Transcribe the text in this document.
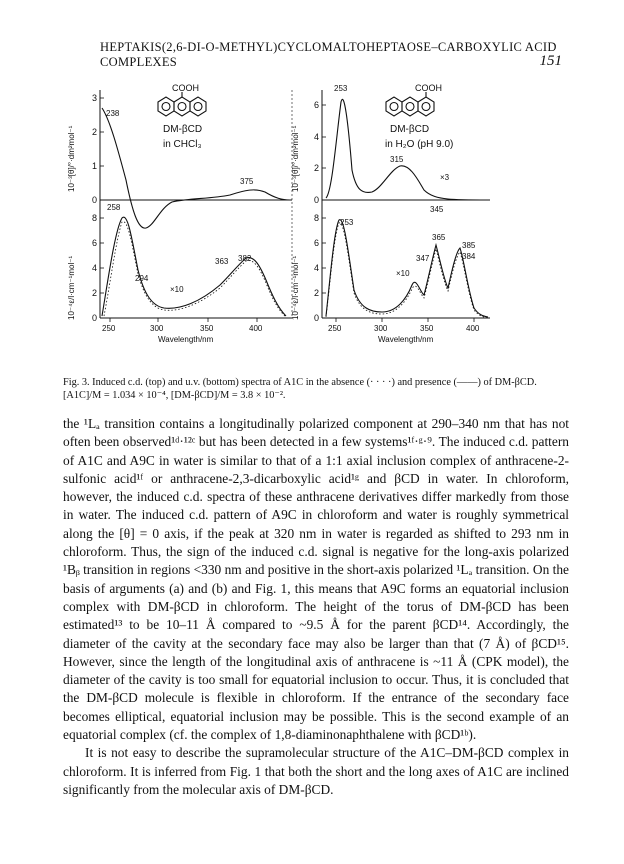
HEPTAKIS(2,6-DI-O-METHYL)CYCLOMALTOHEPTAOSE–CARBOXYLIC ACID COMPLEXES	151
3
2
1
0
10⁻³[θ]/°·dm²mol⁻¹
COOH
DM-βCD
in CHCl₃
238
375
8
6
4
2
0
10⁻⁴ε/l·cm⁻¹mol⁻¹
258
294
363 382
×10
250	300	350	400
Wavelength/nm
6
4
2
0
10⁻³[θ]/°·dm²mol⁻¹
COOH
DM-βCD
in H₂O (pH 9.0)
253
315
×3
345
8
6
4
2
0
10⁻⁴ε/l·cm⁻¹mol⁻¹
253
365
385
347	384
×10
250	300	350	400
Wavelength/nm
Fig. 3. Induced c.d. (top) and u.v. (bottom) spectra of A1C in the absence (· · · ·) and presence (——) of DM-βCD. [A1C]/M = 1.034 × 10⁻⁴, [DM-βCD]/M = 3.8 × 10⁻².

the ¹Lₐ transition contains a longitudinally polarized component at 290–340 nm that has not often been observed¹ᵈ·¹²ᶜ but has been detected in a few systems¹ᶠ·ᵍ·⁹. The induced c.d. pattern of A1C and A9C in water is similar to that of a 1:1 axial inclusion complex of anthracene-2-sulfonic acid¹ᶠ or anthracene-2,3-dicarboxylic acid¹ᵍ and βCD in water. In chloroform, however, the induced c.d. spectra of these anthracene derivatives differ markedly from those in water. The induced c.d. pattern of A9C in chloroform and water is roughly symmetrical along the [θ] = 0 axis, if the peak at 320 nm in water is regarded as shifted to 293 nm in chloroform. Thus, the sign of the induced c.d. signal is negative for the long-axis polarized ¹Bᵦ transition in regions <330 nm and positive in the short-axis polarized ¹Lₐ transition. On the basis of arguments (a) and (b) and Fig. 1, this means that A9C forms an equatorial inclusion complex with DM-βCD in chloroform. The height of the torus of DM-βCD has been estimated¹³ to be 10–11 Å compared to ~9.5 Å for the parent βCD¹⁴. Accordingly, the diameter of the cavity at the secondary face may also be larger than that (7 Å) of βCD¹⁵. However, since the length of the longitudinal axis of anthracene is ~11 Å (CPK model), the diameter of the cavity is too small for equatorial inclusion to occur. Thus, it is concluded that the DM-βCD molecule is flexible in chloroform. If the entrance of the secondary face becomes elliptical, equatorial inclusion may be possible. This is the second example of an equatorial complex (cf. the complex of 1,8-diaminonaphthalene with βCD¹ᵇ).

It is not easy to describe the supramolecular structure of the A1C–DM-βCD complex in chloroform. It is inferred from Fig. 1 that both the short and the long axes of A1C are inclined significantly from the molecular axis of DM-βCD.
